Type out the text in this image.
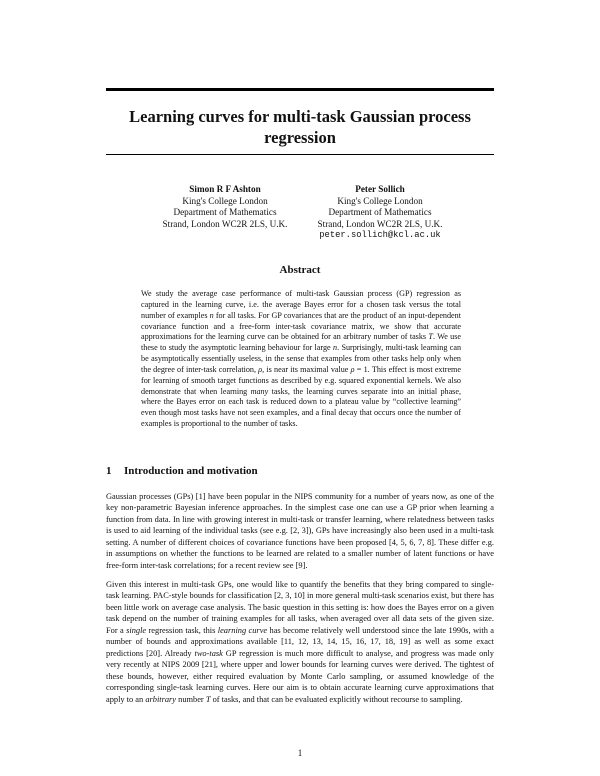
Learning curves for multi-task Gaussian process regression
Simon R F Ashton
King's College London
Department of Mathematics
Strand, London WC2R 2LS, U.K.
Peter Sollich
King's College London
Department of Mathematics
Strand, London WC2R 2LS, U.K.
peter.sollich@kcl.ac.uk
Abstract
We study the average case performance of multi-task Gaussian process (GP) regression as captured in the learning curve, i.e. the average Bayes error for a chosen task versus the total number of examples n for all tasks. For GP covariances that are the product of an input-dependent covariance function and a free-form inter-task covariance matrix, we show that accurate approximations for the learning curve can be obtained for an arbitrary number of tasks T. We use these to study the asymptotic learning behaviour for large n. Surprisingly, multi-task learning can be asymptotically essentially useless, in the sense that examples from other tasks help only when the degree of inter-task correlation, ρ, is near its maximal value ρ = 1. This effect is most extreme for learning of smooth target functions as described by e.g. squared exponential kernels. We also demonstrate that when learning many tasks, the learning curves separate into an initial phase, where the Bayes error on each task is reduced down to a plateau value by “collective learning” even though most tasks have not seen examples, and a final decay that occurs once the number of examples is proportional to the number of tasks.
1 Introduction and motivation
Gaussian processes (GPs) [1] have been popular in the NIPS community for a number of years now, as one of the key non-parametric Bayesian inference approaches. In the simplest case one can use a GP prior when learning a function from data. In line with growing interest in multi-task or transfer learning, where relatedness between tasks is used to aid learning of the individual tasks (see e.g. [2, 3]), GPs have increasingly also been used in a multi-task setting. A number of different choices of covariance functions have been proposed [4, 5, 6, 7, 8]. These differ e.g. in assumptions on whether the functions to be learned are related to a smaller number of latent functions or have free-form inter-task correlations; for a recent review see [9].
Given this interest in multi-task GPs, one would like to quantify the benefits that they bring compared to single-task learning. PAC-style bounds for classification [2, 3, 10] in more general multi-task scenarios exist, but there has been little work on average case analysis. The basic question in this setting is: how does the Bayes error on a given task depend on the number of training examples for all tasks, when averaged over all data sets of the given size. For a single regression task, this learning curve has become relatively well understood since the late 1990s, with a number of bounds and approximations available [11, 12, 13, 14, 15, 16, 17, 18, 19] as well as some exact predictions [20]. Already two-task GP regression is much more difficult to analyse, and progress was made only very recently at NIPS 2009 [21], where upper and lower bounds for learning curves were derived. The tightest of these bounds, however, either required evaluation by Monte Carlo sampling, or assumed knowledge of the corresponding single-task learning curves. Here our aim is to obtain accurate learning curve approximations that apply to an arbitrary number T of tasks, and that can be evaluated explicitly without recourse to sampling.
1
